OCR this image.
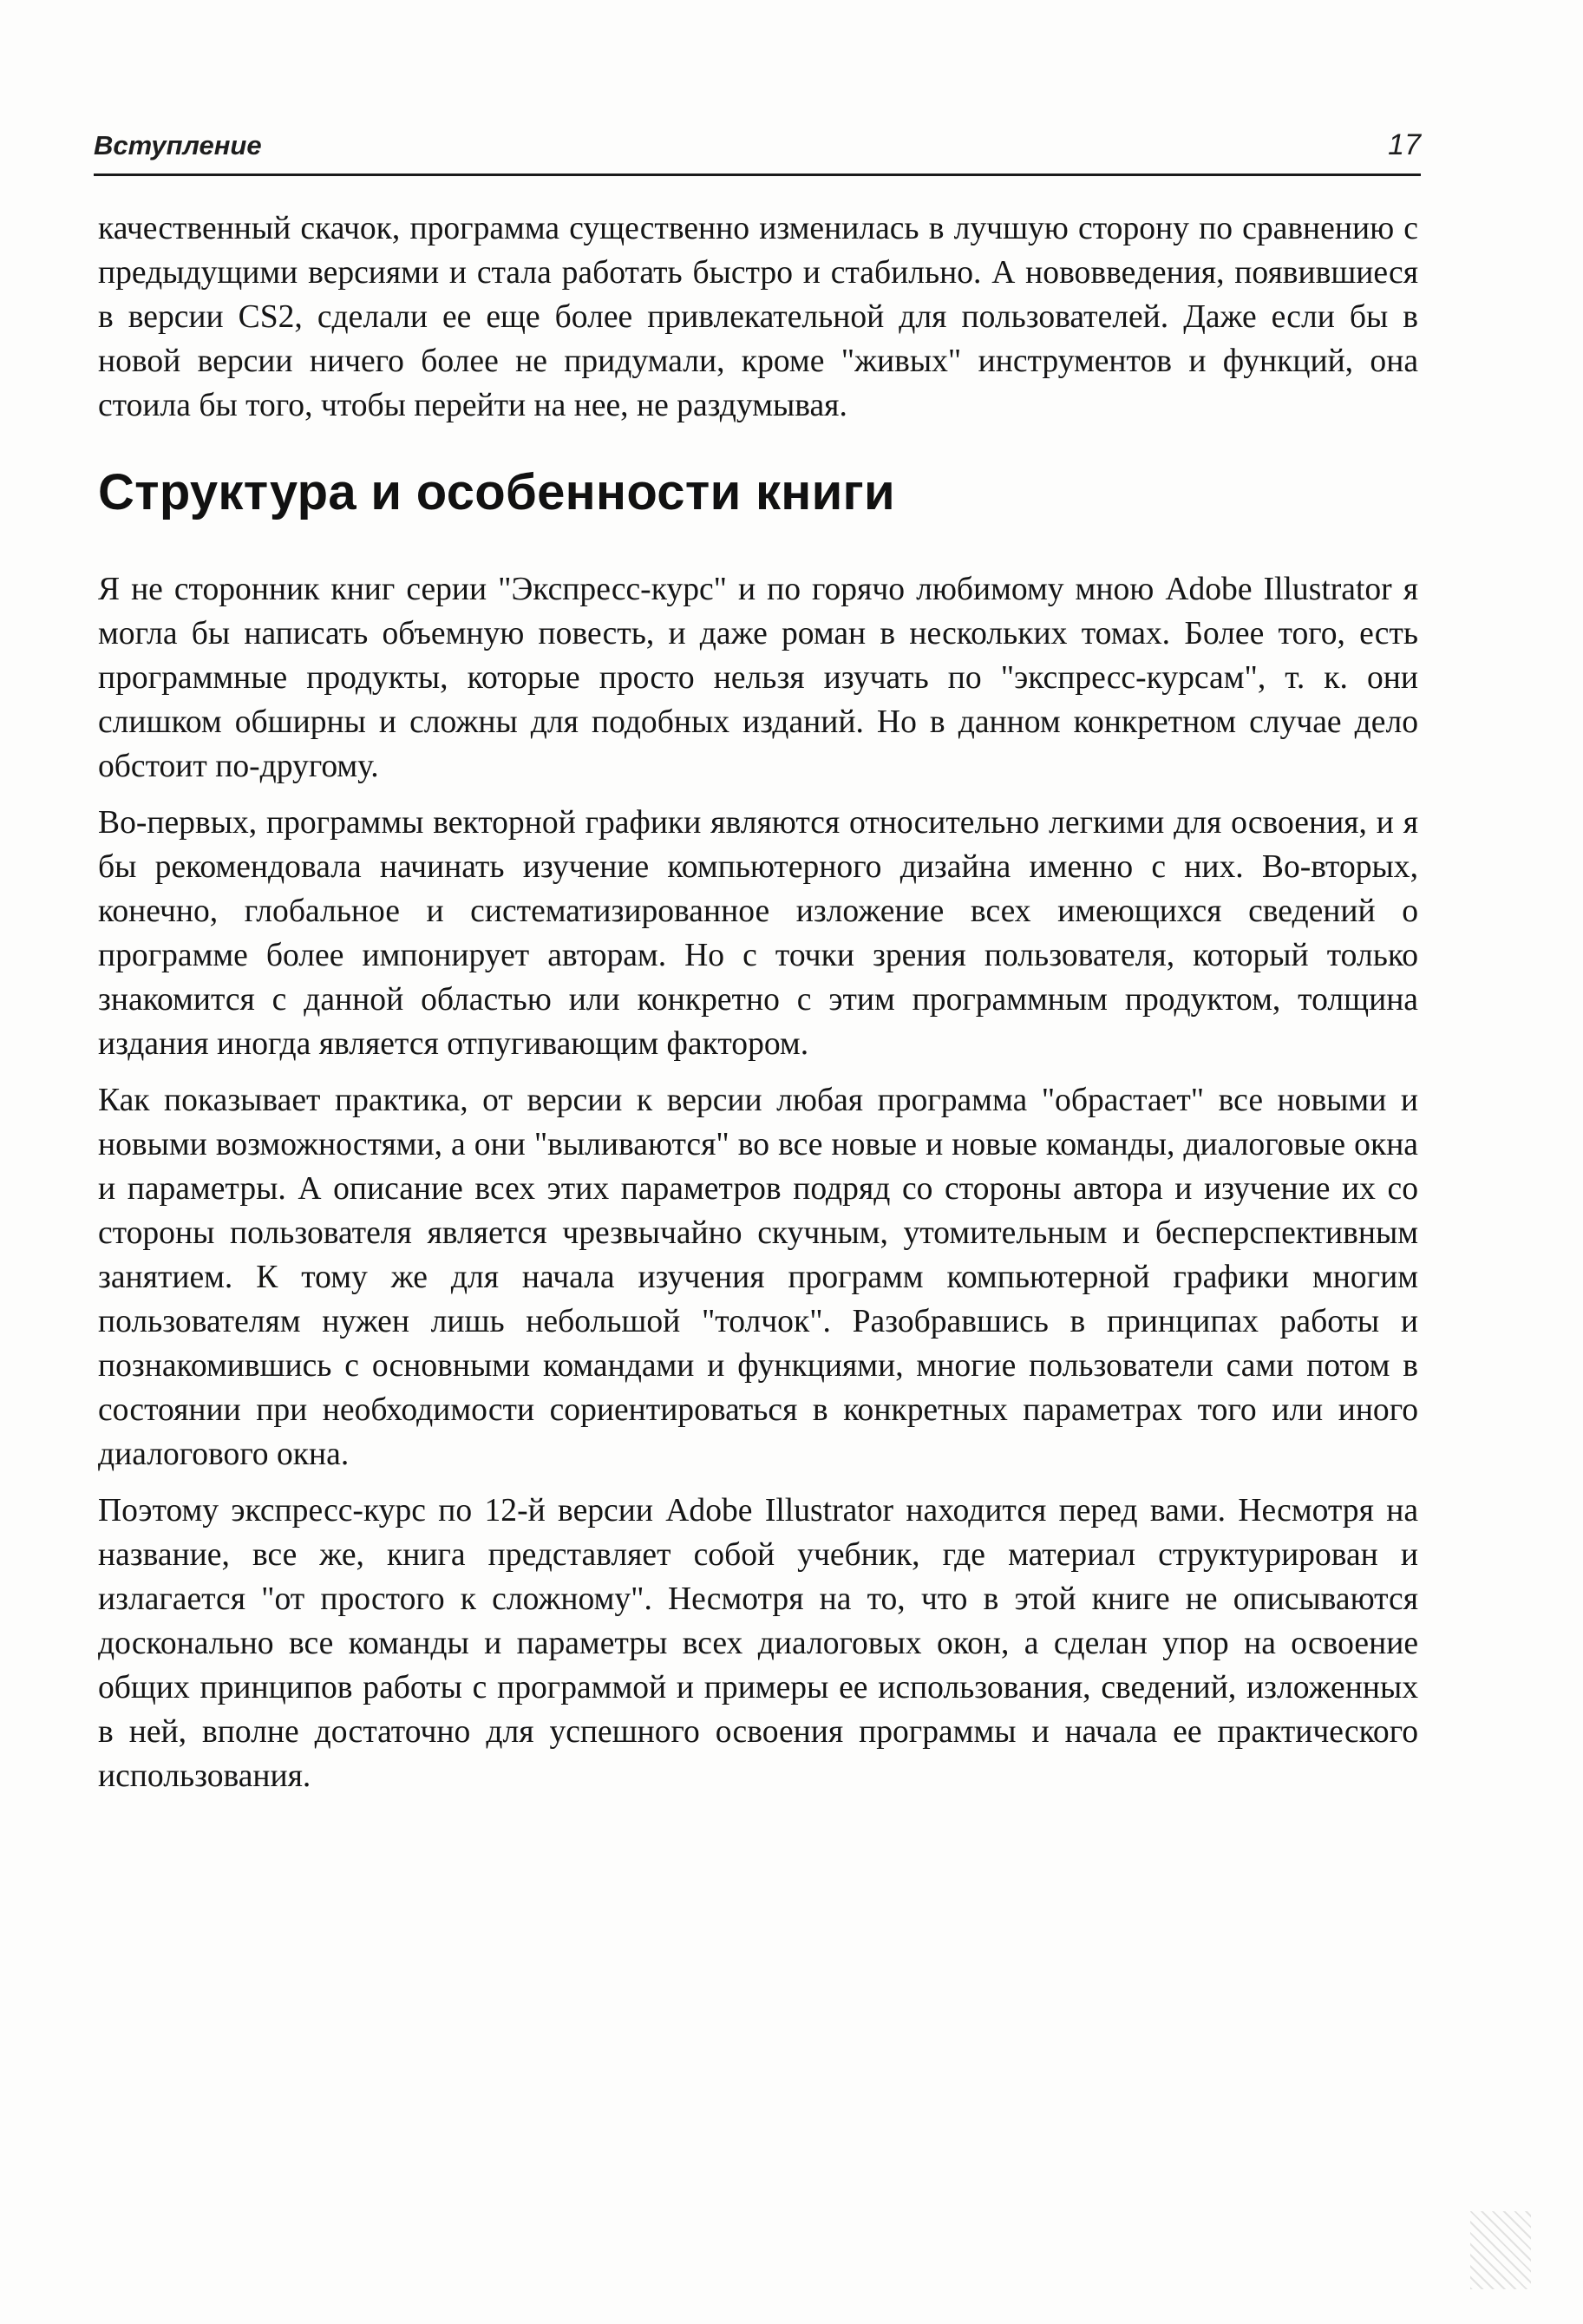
Вступление	17

качественный скачок, программа существенно изменилась в лучшую сторону по сравнению с предыдущими версиями и стала работать быстро и стабильно. А нововведения, появившиеся в версии CS2, сделали ее еще более привлекательной для пользователей. Даже если бы в новой версии ничего более не придумали, кроме "живых" инструментов и функций, она стоила бы того, чтобы перейти на нее, не раздумывая.

Структура и особенности книги

Я не сторонник книг серии "Экспресс-курс" и по горячо любимому мною Adobe Illustrator я могла бы написать объемную повесть, и даже роман в нескольких томах. Более того, есть программные продукты, которые просто нельзя изучать по "экспресс-курсам", т. к. они слишком обширны и сложны для подобных изданий. Но в данном конкретном случае дело обстоит по-другому.

Во-первых, программы векторной графики являются относительно легкими для освоения, и я бы рекомендовала начинать изучение компьютерного дизайна именно с них. Во-вторых, конечно, глобальное и систематизированное изложение всех имеющихся сведений о программе более импонирует авторам. Но с точки зрения пользователя, который только знакомится с данной областью или конкретно с этим программным продуктом, толщина издания иногда является отпугивающим фактором.

Как показывает практика, от версии к версии любая программа "обрастает" все новыми и новыми возможностями, а они "выливаются" во все новые и новые команды, диалоговые окна и параметры. А описание всех этих параметров подряд со стороны автора и изучение их со стороны пользователя является чрезвычайно скучным, утомительным и бесперспективным занятием. К тому же для начала изучения программ компьютерной графики многим пользователям нужен лишь небольшой "толчок". Разобравшись в принципах работы и познакомившись с основными командами и функциями, многие пользователи сами потом в состоянии при необходимости сориентироваться в конкретных параметрах того или иного диалогового окна.

Поэтому экспресс-курс по 12-й версии Adobe Illustrator находится перед вами. Несмотря на название, все же, книга представляет собой учебник, где материал структурирован и излагается "от простого к сложному". Несмотря на то, что в этой книге не описываются досконально все команды и параметры всех диалоговых окон, а сделан упор на освоение общих принципов работы с программой и примеры ее использования, сведений, изложенных в ней, вполне достаточно для успешного освоения программы и начала ее практического использования.
